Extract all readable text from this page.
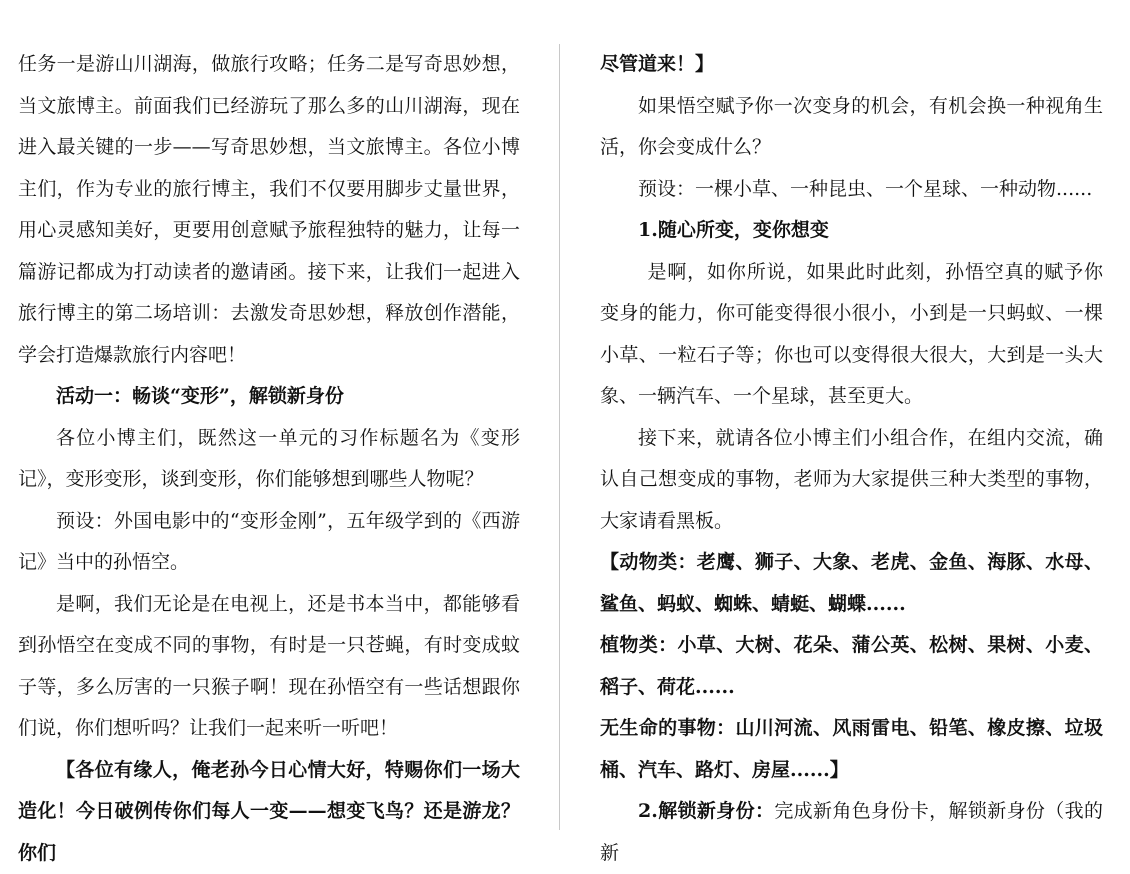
任务一是游山川湖海，做旅行攻略；任务二是写奇思妙想，当文旅博主。前面我们已经游玩了那么多的山川湖海，现在进入最关键的一步——写奇思妙想，当文旅博主。各位小博主们，作为专业的旅行博主，我们不仅要用脚步丈量世界，用心灵感知美好，更要用创意赋予旅程独特的魅力，让每一篇游记都成为打动读者的邀请函。接下来，让我们一起进入旅行博主的第二场培训：去激发奇思妙想，释放创作潜能，学会打造爆款旅行内容吧！

活动一：畅谈“变形”，解锁新身份

各位小博主们，既然这一单元的习作标题名为《变形记》，变形变形，谈到变形，你们能够想到哪些人物呢？

预设：外国电影中的“变形金刚”，五年级学到的《西游记》当中的孙悟空。

是啊，我们无论是在电视上，还是书本当中，都能够看到孙悟空在变成不同的事物，有时是一只苍蝇，有时变成蚊子等，多么厉害的一只猴子啊！现在孙悟空有一些话想跟你们说，你们想听吗？让我们一起来听一听吧！

【各位有缘人，俺老孙今日心情大好，特赐你们一场大造化！今日破例传你们每人一变——想变飞鸟？还是游龙？你们

尽管道来！】

如果悟空赋予你一次变身的机会，有机会换一种视角生活，你会变成什么？

预设：一棵小草、一种昆虫、一个星球、一种动物......

1.随心所变，变你想变

是啊，如你所说，如果此时此刻，孙悟空真的赋予你变身的能力，你可能变得很小很小，小到是一只蚂蚁、一棵小草、一粒石子等；你也可以变得很大很大，大到是一头大象、一辆汽车、一个星球，甚至更大。

接下来，就请各位小博主们小组合作，在组内交流，确认自己想变成的事物，老师为大家提供三种大类型的事物，大家请看黑板。

【动物类：老鹰、狮子、大象、老虎、金鱼、海豚、水母、鲨鱼、蚂蚁、蜘蛛、蜻蜓、蝴蝶......

植物类：小草、大树、花朵、蒲公英、松树、果树、小麦、稻子、荷花......

无生命的事物：山川河流、风雨雷电、铅笔、橡皮擦、垃圾桶、汽车、路灯、房屋......】

2.解锁新身份：完成新角色身份卡，解锁新身份（我的新
